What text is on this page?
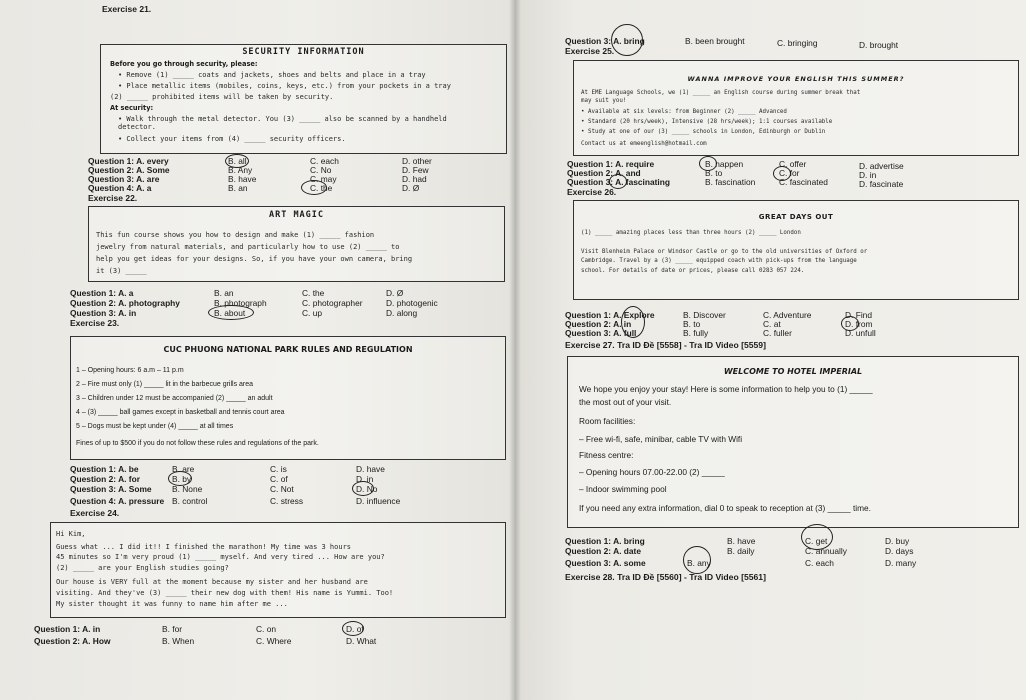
Exercise 21.
SECURITY INFORMATION
Before you go through security, please:
• Remove (1) _____ coats and jackets, shoes and belts and place in a tray
• Place metallic items (mobiles, coins, keys, etc.) from your pockets in a tray
(2) _____ prohibited items will be taken by security.
At security:
• Walk through the metal detector. You (3) _____ also be scanned by a handheld
detector.
• Collect your items from (4) _____ security officers.
Question 1: A. every	B. all	C. each	D. other
Question 2: A. Some	B. Any	C. No	D. Few
Question 3: A. are	B. have	C. may	D. had
Question 4: A. a	B. an	C. the	D. Ø
Exercise 22.
ART MAGIC
This fun course shows you how to design and make (1) _____ fashion
jewelry from natural materials, and particularly how to use (2) _____ to
help you get ideas for your designs. So, if you have your own camera, bring
it (3) _____
Question 1: A. a	B. an	C. the	D. Ø
Question 2: A. photography	B. photograph	C. photographer	D. photogenic
Question 3: A. in	B. about	C. up	D. along
Exercise 23.
CUC PHUONG NATIONAL PARK RULES AND REGULATION
1 – Opening hours: 6 a.m – 11 p.m
2 – Fire must only (1) _____ lit in the barbecue grills area
3 – Children under 12 must be accompanied (2) _____ an adult
4 – (3) _____ ball games except in basketball and tennis court area
5 – Dogs must be kept under (4) _____ at all times
Fines of up to $500 if you do not follow these rules and regulations of the park.
Question 1: A. be	B. are	C. is	D. have
Question 2: A. for	B. by	C. of	D. in
Question 3: A. Some B. None	C. Not	D. No
Question 4: A. pressure B. control	C. stress	D. influence
Exercise 24.
Hi Kim,
Guess what ... I did it!! I finished the marathon! My time was 3 hours
45 minutes so I'm very proud (1) _____ myself. And very tired ... How are you?
(2) _____ are your English studies going?
Our house is VERY full at the moment because my sister and her husband are
visiting. And they've (3) _____ their new dog with them! His name is Yummi. Too!
My sister thought it was funny to name him after me ...
Question 1: A. in	B. for	C. on	D. of
Question 2: A. How	B. When	C. Where	D. What
Question 3: A. bring	B. been brought	C. bringing	D. brought
Exercise 25.
WANNA IMPROVE YOUR ENGLISH THIS SUMMER?
At EME Language Schools, we (1) _____ an English course during summer break that
may suit you!
• Available at six levels: from Beginner (2) _____ Advanced
• Standard (20 hrs/week), Intensive (28 hrs/week); 1:1 courses available
• Study at one of our (3) _____ schools in London, Edinburgh or Dublin
Contact us at emeenglish@hotmail.com
Question 1: A. require	B. happen	C. offer	D. advertise
Question 2: A. and	B. to	C. for	D. in
Question 3: A. fascinating	B. fascination	C. fascinated	D. fascinate
Exercise 26.
GREAT DAYS OUT
(1) _____ amazing places less than three hours (2) _____ London
Visit Blenheim Palace or Windsor Castle or go to the old universities of Oxford or
Cambridge. Travel by a (3) _____ equipped coach with pick-ups from the language
school. For details of date or prices, please call 0283 057 224.
Question 1: A. Explore	B. Discover	C. Adventure	D. Find
Question 2: A. in	B. to	C. at	D. from
Question 3: A. full	B. fully	C. fuller	D. unfull
Exercise 27. Tra ID Đề [5558] - Tra ID Video [5559]
WELCOME TO HOTEL IMPERIAL
We hope you enjoy your stay! Here is some information to help you to (1) _____
the most out of your visit.
Room facilities:
– Free wi-fi, safe, minibar, cable TV with Wifi
Fitness centre:
– Opening hours 07.00-22.00 (2) _____
– Indoor swimming pool
If you need any extra information, dial 0 to speak to reception at (3) _____ time.
Question 1: A. bring	B. have	C. get	D. buy
Question 2: A. date	B. daily	C. annually	D. days
Question 3: A. some	B. any	C. each	D. many
Exercise 28. Tra ID Đề [5560] - Tra ID Video [5561]
